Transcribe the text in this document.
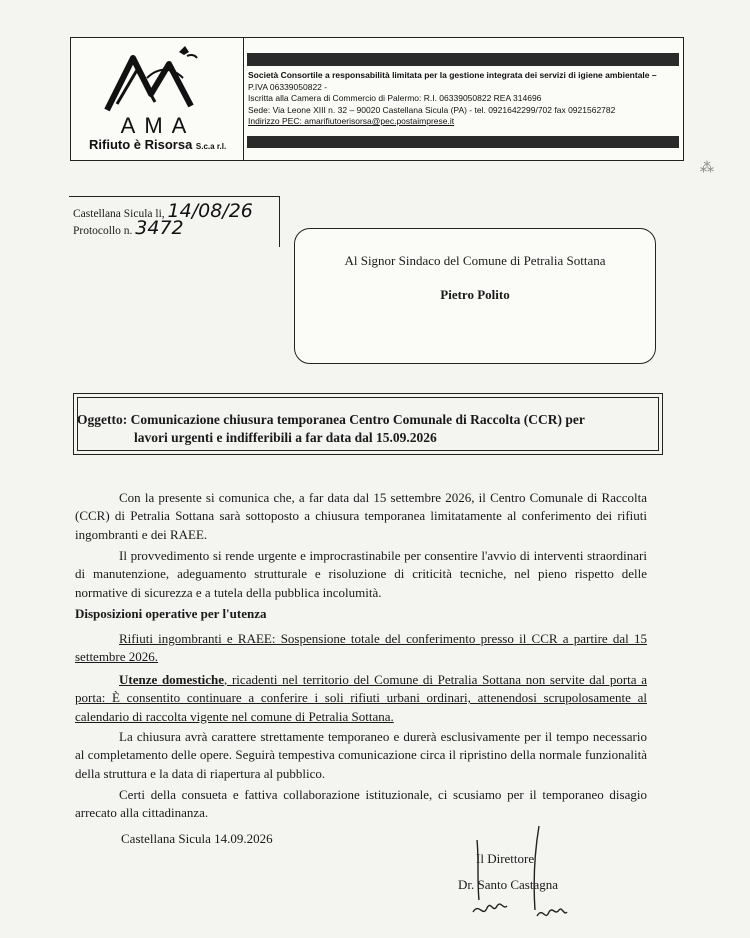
AMA
Rifiuto è Risorsa S.c.a r.l.
Società Consortile a responsabilità limitata per la gestione integrata dei servizi di igiene ambientale –
P.IVA 06339050822 -
Iscritta alla Camera di Commercio di Palermo: R.I. 06339050822 REA 314696
Sede: Via Leone XIII n. 32 – 90020 Castellana Sicula (PA) - tel. 0921642299/702 fax 0921562782
Indirizzo PEC: amarifiutoerisorsa@pec.postaimprese.it
⁂
Castellana Sicula li, 14/08/26
Protocollo n. 3472
Al Signor Sindaco del Comune di Petralia Sottana
Pietro Polito
Oggetto: Comunicazione chiusura temporanea Centro Comunale di Raccolta (CCR) per
lavori urgenti e indifferibili a far data dal 15.09.2026
Con la presente si comunica che, a far data dal 15 settembre 2026, il Centro Comunale di Raccolta (CCR) di Petralia Sottana sarà sottoposto a chiusura temporanea limitatamente al conferimento dei rifiuti ingombranti e dei RAEE.
Il provvedimento si rende urgente e improcrastinabile per consentire l'avvio di interventi straordinari di manutenzione, adeguamento strutturale e risoluzione di criticità tecniche, nel pieno rispetto delle normative di sicurezza e a tutela della pubblica incolumità.
Disposizioni operative per l'utenza
Rifiuti ingombranti e RAEE: Sospensione totale del conferimento presso il CCR a partire dal 15 settembre 2026.
Utenze domestiche, ricadenti nel territorio del Comune di Petralia Sottana non servite dal porta a porta: È consentito continuare a conferire i soli rifiuti urbani ordinari, attenendosi scrupolosamente al calendario di raccolta vigente nel comune di Petralia Sottana.
La chiusura avrà carattere strettamente temporaneo e durerà esclusivamente per il tempo necessario al completamento delle opere. Seguirà tempestiva comunicazione circa il ripristino della normale funzionalità della struttura e la data di riapertura al pubblico.
Certi della consueta e fattiva collaborazione istituzionale, ci scusiamo per il temporaneo disagio arrecato alla cittadinanza.
Castellana Sicula 14.09.2026
Il Direttore
Dr. Santo Castagna
